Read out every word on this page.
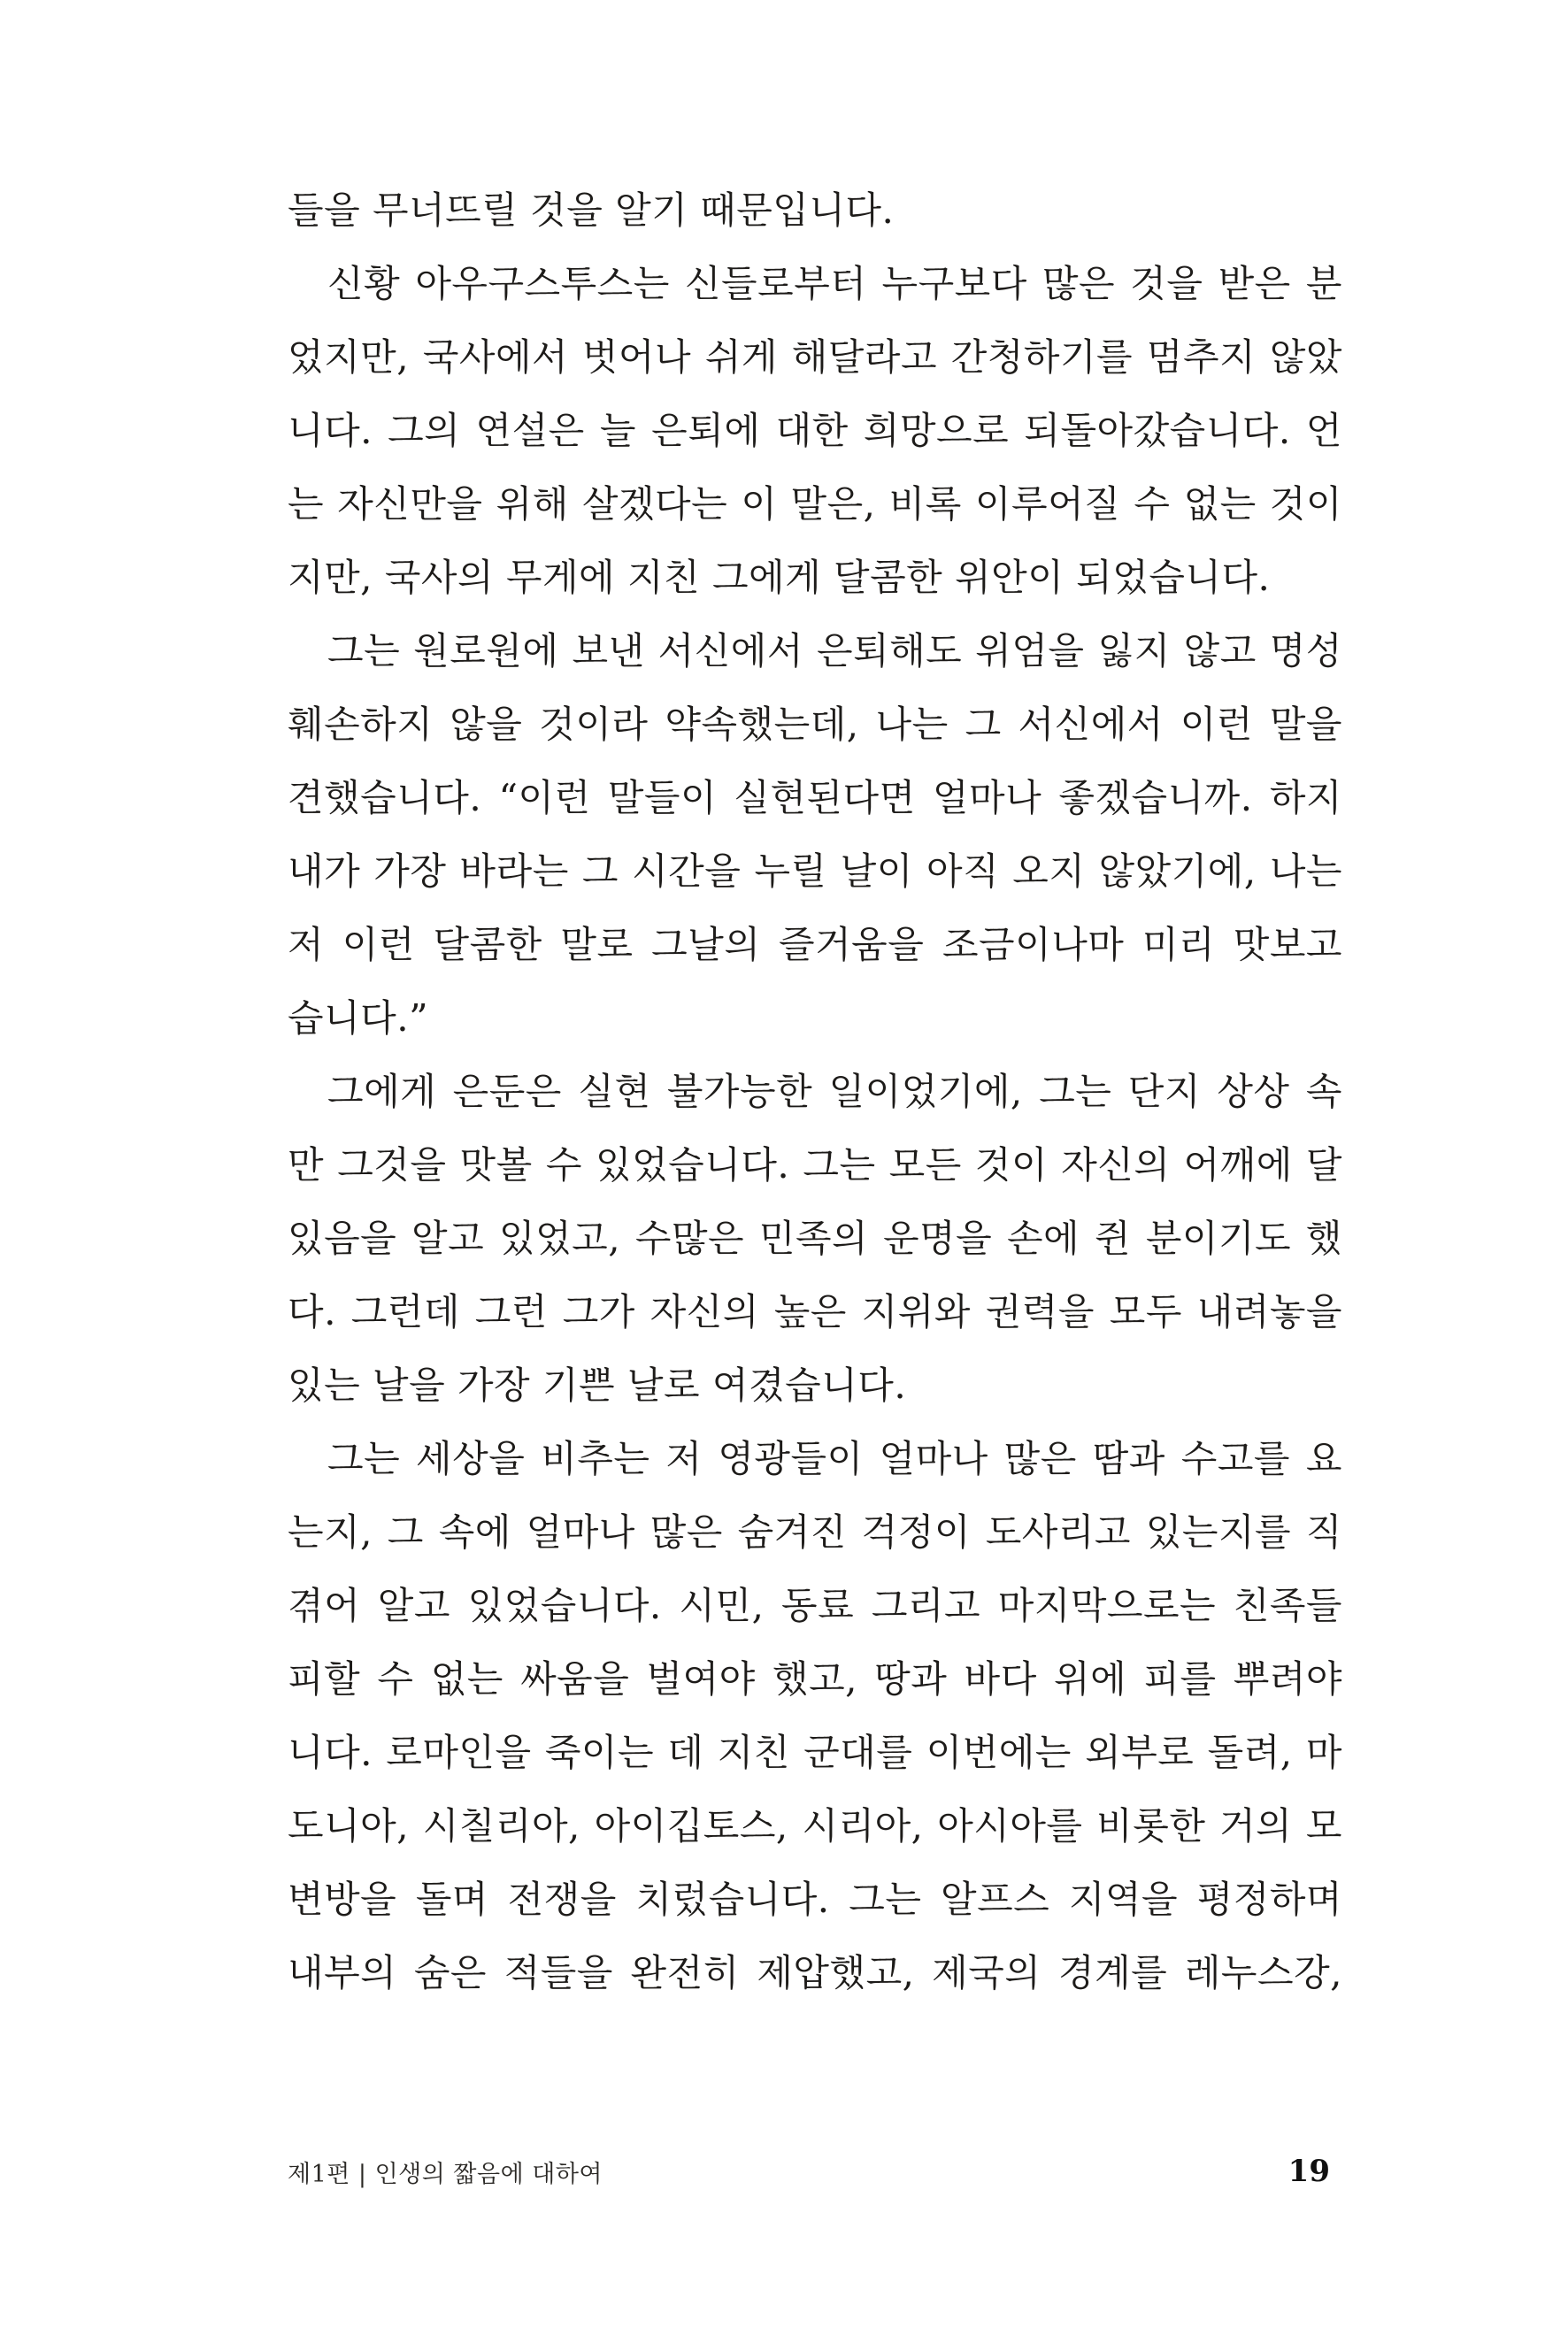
들을 무너뜨릴 것을 알기 때문입니다.
신황 아우구스투스는 신들로부터 누구보다 많은 것을 받은 분
었지만, 국사에서 벗어나 쉬게 해달라고 간청하기를 멈추지 않았
니다. 그의 연설은 늘 은퇴에 대한 희망으로 되돌아갔습니다. 언
는 자신만을 위해 살겠다는 이 말은, 비록 이루어질 수 없는 것이
지만, 국사의 무게에 지친 그에게 달콤한 위안이 되었습니다.
그는 원로원에 보낸 서신에서 은퇴해도 위엄을 잃지 않고 명성
훼손하지 않을 것이라 약속했는데, 나는 그 서신에서 이런 말을
견했습니다. “이런 말들이 실현된다면 얼마나 좋겠습니까. 하지
내가 가장 바라는 그 시간을 누릴 날이 아직 오지 않았기에, 나는
저 이런 달콤한 말로 그날의 즐거움을 조금이나마 미리 맛보고
습니다.”
그에게 은둔은 실현 불가능한 일이었기에, 그는 단지 상상 속
만 그것을 맛볼 수 있었습니다. 그는 모든 것이 자신의 어깨에 달
있음을 알고 있었고, 수많은 민족의 운명을 손에 쥔 분이기도 했
다. 그런데 그런 그가 자신의 높은 지위와 권력을 모두 내려놓을
있는 날을 가장 기쁜 날로 여겼습니다.
그는 세상을 비추는 저 영광들이 얼마나 많은 땀과 수고를 요
는지, 그 속에 얼마나 많은 숨겨진 걱정이 도사리고 있는지를 직
겪어 알고 있었습니다. 시민, 동료 그리고 마지막으로는 친족들
피할 수 없는 싸움을 벌여야 했고, 땅과 바다 위에 피를 뿌려야
니다. 로마인을 죽이는 데 지친 군대를 이번에는 외부로 돌려, 마
도니아, 시칠리아, 아이깁토스, 시리아, 아시아를 비롯한 거의 모
변방을 돌며 전쟁을 치렀습니다. 그는 알프스 지역을 평정하며
내부의 숨은 적들을 완전히 제압했고, 제국의 경계를 레누스강,
제1편 | 인생의 짧음에 대하여	19
